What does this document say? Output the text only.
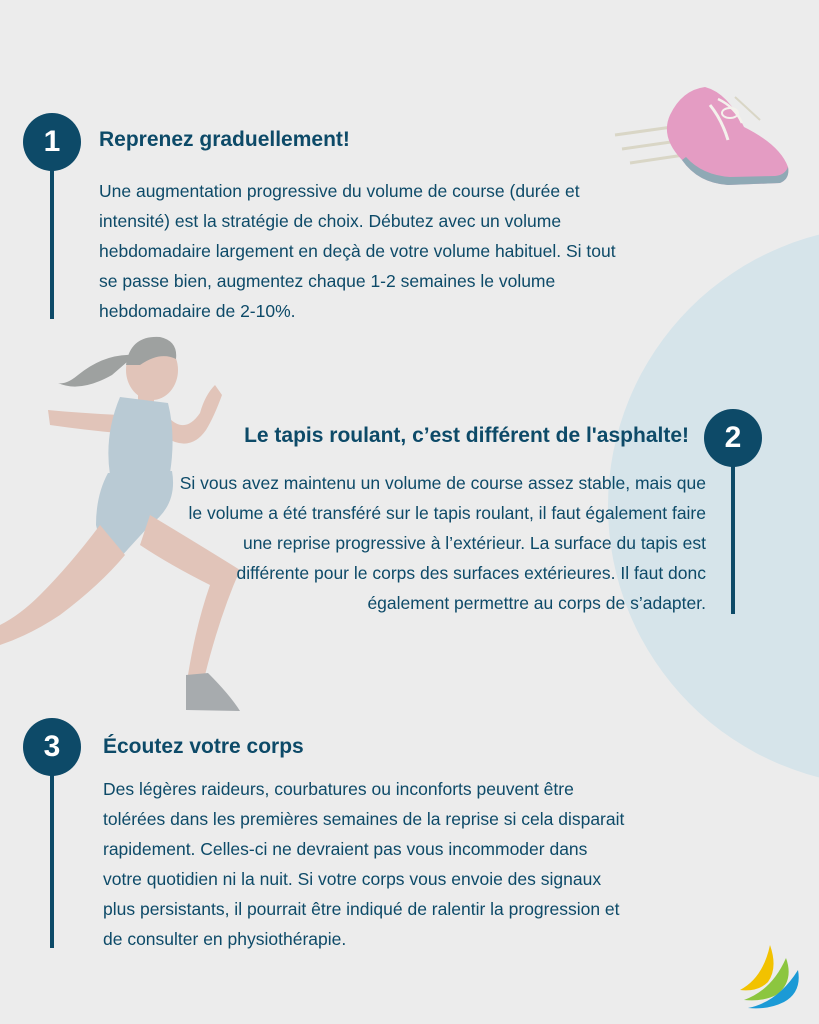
1 Reprenez graduellement!
Une augmentation progressive du volume de course (durée et
intensité) est la stratégie de choix. Débutez avec un volume
hebdomadaire largement en deçà de votre volume habituel. Si tout
se passe bien, augmentez chaque 1-2 semaines le volume
hebdomadaire de 2-10%.
2
Le tapis roulant, c’est différent de l'asphalte!
Si vous avez maintenu un volume de course assez stable, mais que
le volume a été transféré sur le tapis roulant, il faut également faire
une reprise progressive à l’extérieur. La surface du tapis est
différente pour le corps des surfaces extérieures. Il faut donc
également permettre au corps de s’adapter.
3 Écoutez votre corps
Des légères raideurs, courbatures ou inconforts peuvent être
tolérées dans les premières semaines de la reprise si cela disparait
rapidement. Celles-ci ne devraient pas vous incommoder dans
votre quotidien ni la nuit. Si votre corps vous envoie des signaux
plus persistants, il pourrait être indiqué de ralentir la progression et
de consulter en physiothérapie.
